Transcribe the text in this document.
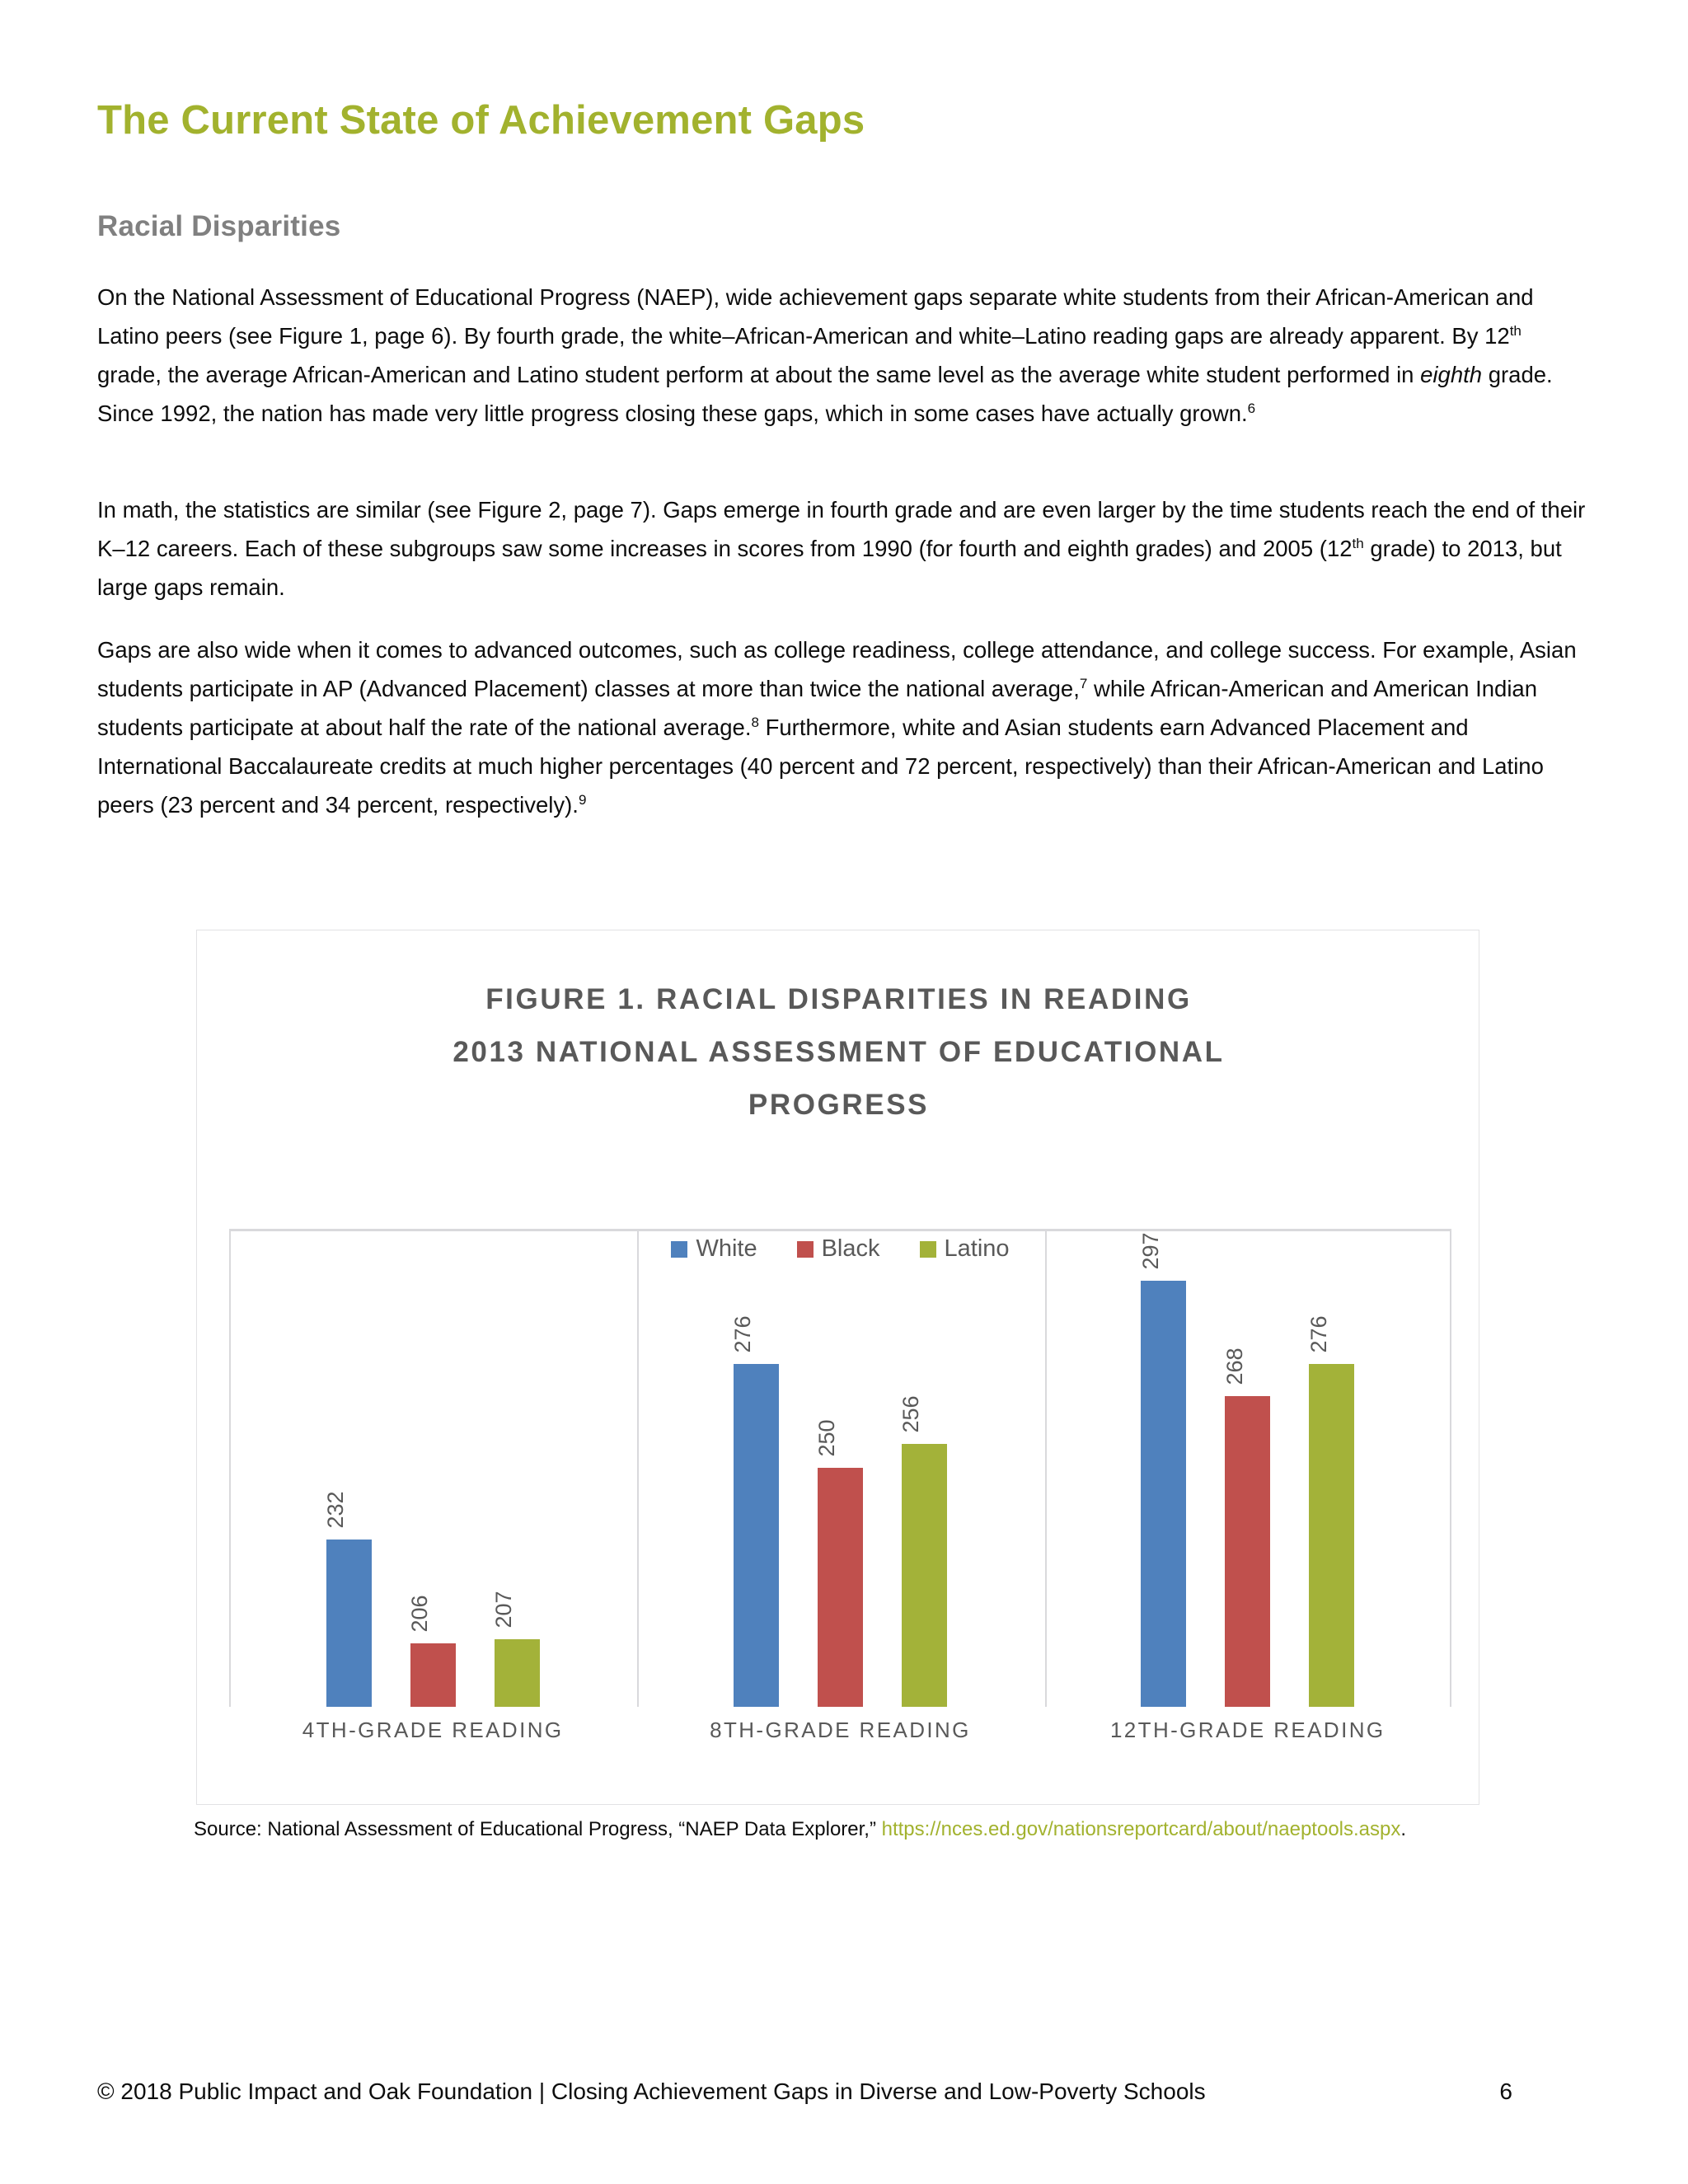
The Current State of Achievement Gaps
Racial Disparities
On the National Assessment of Educational Progress (NAEP), wide achievement gaps separate white students from their African-American and Latino peers (see Figure 1, page 6). By fourth grade, the white–African-American and white–Latino reading gaps are already apparent. By 12th grade, the average African-American and Latino student perform at about the same level as the average white student performed in eighth grade. Since 1992, the nation has made very little progress closing these gaps, which in some cases have actually grown.$^6$
In math, the statistics are similar (see Figure 2, page 7). Gaps emerge in fourth grade and are even larger by the time students reach the end of their K–12 careers. Each of these subgroups saw some increases in scores from 1990 (for fourth and eighth grades) and 2005 (12th grade) to 2013, but large gaps remain.
Gaps are also wide when it comes to advanced outcomes, such as college readiness, college attendance, and college success. For example, Asian students participate in AP (Advanced Placement) classes at more than twice the national average,$^7$ while African-American and American Indian students participate at about half the rate of the national average.$^8$ Furthermore, white and Asian students earn Advanced Placement and International Baccalaureate credits at much higher percentages (40 percent and 72 percent, respectively) than their African-American and Latino peers (23 percent and 34 percent, respectively).$^9$
FIGURE 1. RACIAL DISPARITIES IN READING
2013 NATIONAL ASSESSMENT OF EDUCATIONAL
PROGRESS
White	Black	Latino
232
206	207
276
250
256
297
268
276
4TH-GRADE READING	8TH-GRADE READING	12TH-GRADE READING
Source: National Assessment of Educational Progress, “NAEP Data Explorer,” https://nces.ed.gov/nationsreportcard/about/naeptools.aspx.
© 2018 Public Impact and Oak Foundation | Closing Achievement Gaps in Diverse and Low-Poverty Schools	6
